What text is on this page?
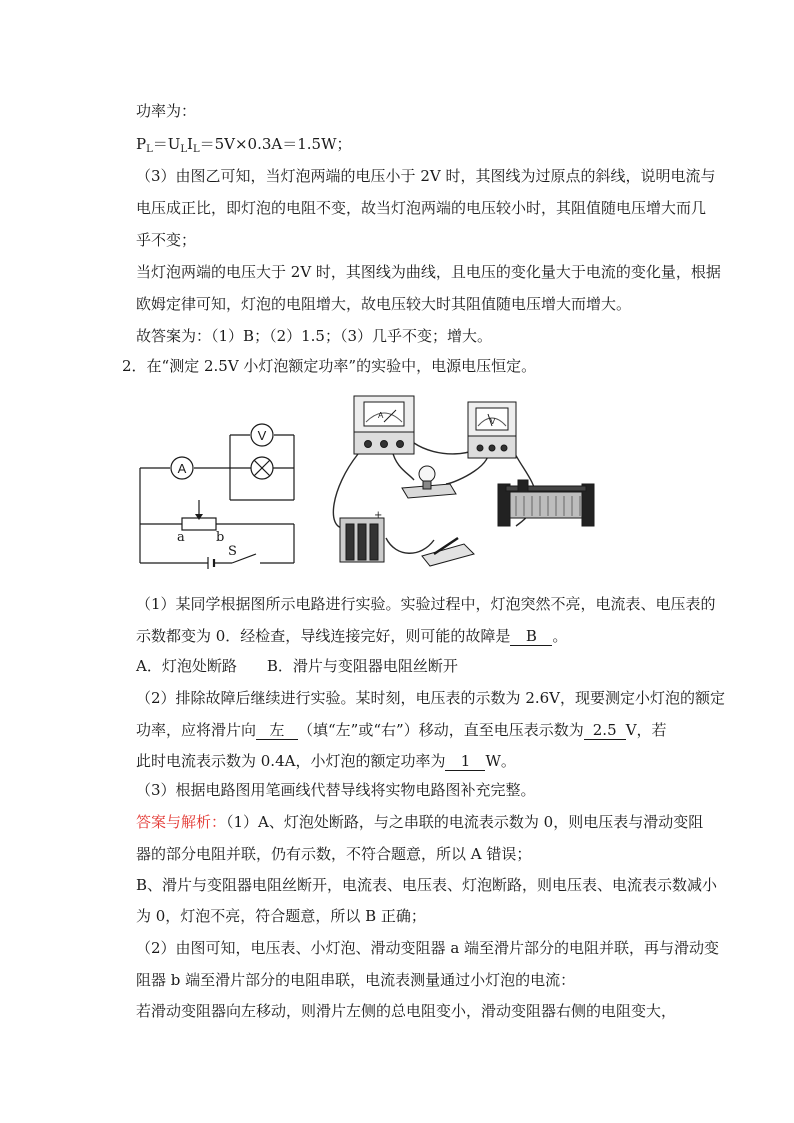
功率为：
$P_L=U_LI_L=5V\times 0.3A=1.5W$；
（3）由图乙可知，当灯泡两端的电压小于 2V 时，其图线为过原点的斜线，说明电流与
电压成正比，即灯泡的电阻不变，故当灯泡两端的电压较小时，其阻值随电压增大而几
乎不变；
当灯泡两端的电压大于 2V 时，其图线为曲线，且电压的变化量大于电流的变化量，根据
欧姆定律可知，灯泡的电阻增大，故电压较大时其阻值随电压增大而增大。
故答案为：（1）B；（2）1.5；（3）几乎不变；增大。
2．在“测定 2.5V 小灯泡额定功率”的实验中，电源电压恒定。
A
V
a b
S
A
V
+
（1）某同学根据图所示电路进行实验。实验过程中，灯泡突然不亮，电流表、电压表的
示数都变为 0．经检查，导线连接完好，则可能的故障是 B 。
A．灯泡处断路 B．滑片与变阻器电阻丝断开
（2）排除故障后继续进行实验。某时刻，电压表的示数为 2.6V，现要测定小灯泡的额定
功率，应将滑片向 左 （填“左”或“右”）移动，直至电压表示数为 2.5 V，若
此时电流表示数为 0.4A，小灯泡的额定功率为 1 W。
（3）根据电路图用笔画线代替导线将实物电路图补充完整。
答案与解析：（1）A、灯泡处断路，与之串联的电流表示数为 0，则电压表与滑动变阻
器的部分电阻并联，仍有示数，不符合题意，所以 A 错误；
B、滑片与变阻器电阻丝断开，电流表、电压表、灯泡断路，则电压表、电流表示数减小
为 0，灯泡不亮，符合题意，所以 B 正确；
（2）由图可知，电压表、小灯泡、滑动变阻器 a 端至滑片部分的电阻并联，再与滑动变
阻器 b 端至滑片部分的电阻串联，电流表测量通过小灯泡的电流：
若滑动变阻器向左移动，则滑片左侧的总电阻变小，滑动变阻器右侧的电阻变大，
